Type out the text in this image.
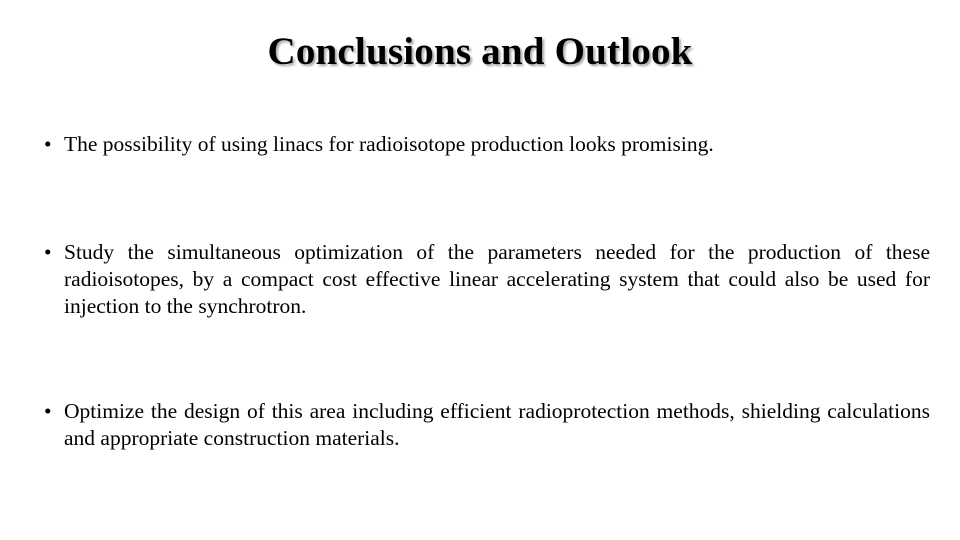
Conclusions and Outlook
• The possibility of using linacs for radioisotope production looks promising.
• Study the simultaneous optimization of the parameters needed for the production of these radioisotopes, by a compact cost effective linear accelerating system that could also be used for injection to the synchrotron.
• Optimize the design of this area including efficient radioprotection methods, shielding calculations and appropriate construction materials.
